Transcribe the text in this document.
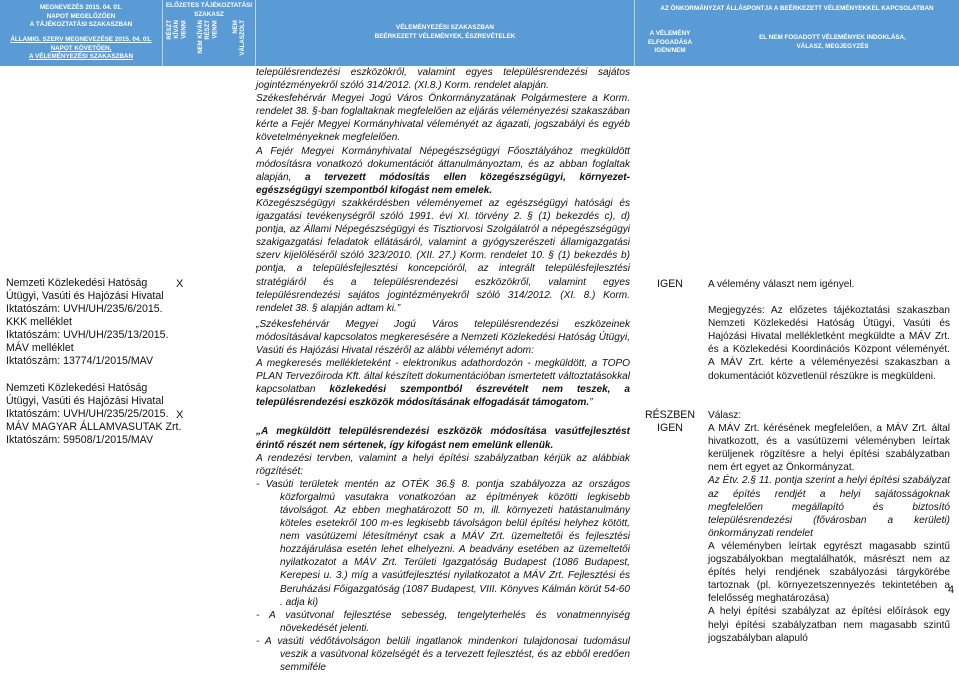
MEGNEVEZÉS 2015. 04. 01.
NAPOT MEGELŐZŐEN
A TÁJÉKOZTATÁSI SZAKASZBAN
ÁLLAMIG. SZERV MEGNEVEZÉSE 2015. 04. 01.
NAPOT KÖVETŐEN,
A VÉLEMÉNYEZÉSI SZAKASZBAN
ELŐZETES TÁJÉKOZTATÁSI
SZAKASZ
RÉSZT
KÍVÁN
VENNI
NEM KÍVÁN
RÉSZT
VENNI NEM
VÁLASZOLT	VÉLEMÉNYEZÉSI SZAKASZBAN
BEÉRKEZETT VÉLEMÉNYEK, ÉSZREVÉTELEK
AZ ÖNKORMÁNYZAT ÁLLÁSPONTJA A BEÉRKEZETT VÉLEMÉNYEKKEL KAPCSOLATBAN
A VÉLEMÉNY
ELFOGADÁSA
IGEN/NEM
EL NEM FOGADOTT VÉLEMÉNYEK INDOKLÁSA,
VÁLASZ, MEGJEGYZÉS
Nemzeti Közlekedési Hatóság
Útügyi, Vasúti és Hajózási Hivatal
Iktatószám: UVH/UH/235/6/2015.
KKK melléklet
Iktatószám: UVH/UH/235/13/2015.
MÁV melléklet
Iktatószám: 13774/1/2015/MAV
Nemzeti Közlekedési Hatóság
Útügyi, Vasúti és Hajózási Hivatal
Iktatószám: UVH/UH/235/25/2015.
MÁV MAGYAR ÁLLAMVASUTAK Zrt.
Iktatószám: 59508/1/2015/MAV
X
X

településrendezési eszközökről, valamint egyes településrendezési sajátos jogintézményekről szóló 314/2012. (XI.8.) Korm. rendelet alapján.

Székesfehérvár Megyei Jogú Város Önkormányzatának Polgármestere a Korm. rendelet 38. §-ban foglaltaknak megfelelően az eljárás véleményezési szakaszában kérte a Fejér Megyei Kormányhivatal véleményét az ágazati, jogszabályi és egyéb követelményeknek megfelelően.

A Fejér Megyei Kormányhivatal Népegészségügyi Főosztályához megküldött módosításra vonatkozó dokumentációt áttanulmányoztam, és az abban foglaltak alapján, a tervezett módosítás ellen közegészségügyi, környezet-egészségügyi szempontból kifogást nem emelek.

Közegészségügyi szakkérdésben véleményemet az egészségügyi hatósági és igazgatási tevékenységről szóló 1991. évi XI. törvény 2. § (1) bekezdés c), d) pontja, az Állami Népegészségügyi és Tisztiorvosi Szolgálatról a népegészségügyi szakigazgatási feladatok ellátásáról, valamint a gyógyszerészeti államigazgatási szerv kijelöléséről szóló 323/2010. (XII. 27.) Korm. rendelet 10. § (1) bekezdés b) pontja, a településfejlesztési koncepcióról, az integrált településfejlesztési stratégiáról és a településrendezési eszközökről, valamint egyes településrendezési sajátos jogintézményekről szóló 314/2012. (XI. 8.) Korm. rendelet 38. § alapján adtam ki.”

„Székesfehérvár Megyei Jogú Város településrendezési eszközeinek módosításával kapcsolatos megkeresésére a Nemzeti Közlekedési Hatóság Útügyi, Vasúti és Hajózási Hivatal részéről az alábbi véleményt adom:

A megkeresés mellékleteként - elektronikus adathordozón - megküldött, a TOPO PLAN Tervezőiroda Kft. által készített dokumentációban ismertetett változtatásokkal kapcsolatban közlekedési szempontból észrevételt nem teszek, a településrendezési eszközök módosításának elfogadását támogatom.”

„A megküldött településrendezési eszközök módosítása vasútfejlesztést érintő részét nem sértenek, így kifogást nem emelünk ellenük.

A rendezési tervben, valamint a helyi építési szabályzatban kérjük az alábbiak rögzítését:

- Vasúti területek mentén az OTÉK 36.§ 8. pontja szabályozza az országos közforgalmú vasutakra vonatkozóan az építmények közötti legkisebb távolságot. Az ebben meghatározott 50 m, ill. környezeti hatástanulmány köteles esetekről 100 m-es legkisebb távolságon belül építési helyhez kötött, nem vasútüzemi létesítményt csak a MÁV Zrt. üzemeltetői és fejlesztési hozzájárulása esetén lehet elhelyezni. A beadvány esetében az üzemeltetői nyilatkozatot a MÁV Zrt. Területi Igazgatóság Budapest (1086 Budapest, Kerepesi u. 3.) míg a vasútfejlesztési nyilatkozatot a MÁV Zrt. Fejlesztési és Beruházási Főigazgatóság (1087 Budapest, VIII. Könyves Kálmán körút 54-60 . adja ki)

- A vasútvonal fejlesztése sebesség, tengelyterhelés és vonatmennyiség növekedését jelenti.

- A vasúti védőtávolságon belüli ingatlanok mindenkori tulajdonosai tudomásul veszik a vasútvonal közelségét és a tervezett fejlesztést, és az ebből eredően semmiféle

IGEN
RÉSZBEN
IGEN

A vélemény választ nem igényel.

Megjegyzés: Az előzetes tájékoztatási szakaszban Nemzeti Közlekedési Hatóság Útügyi, Vasúti és Hajózási Hivatal mellékletként megküldte a MÁV Zrt. és a Közlekedési Koordinációs Központ véleményét. A MÁV Zrt. kérte a véleményezési szakaszban a dokumentációt közvetlenül részükre is megküldeni.

Válasz:

A MÁV Zrt. kérésének megfelelően, a MÁV Zrt. által hivatkozott, és a vasútüzemi véleményben leírtak kerüljenek rögzítésre a helyi építési szabályzatban nem ért egyet az Önkormányzat.

Az Étv. 2.§ 11. pontja szerint a helyi építési szabályzat az építés rendjét a helyi sajátosságoknak megfelelően megállapító és biztosító településrendezési (fővárosban a kerületi) önkormányzati rendelet

A véleményben leírtak egyrészt magasabb szintű jogszabályokban megtalálhatók, másrészt nem az építés helyi rendjének szabályozási tárgykörébe tartoznak (pl. környezetszennyezés tekintetében a felelősség meghatározása)

A helyi építési szabályzat az építési előírások egy helyi építési szabályzatban nem magasabb szintű jogszabályban alapuló

4
